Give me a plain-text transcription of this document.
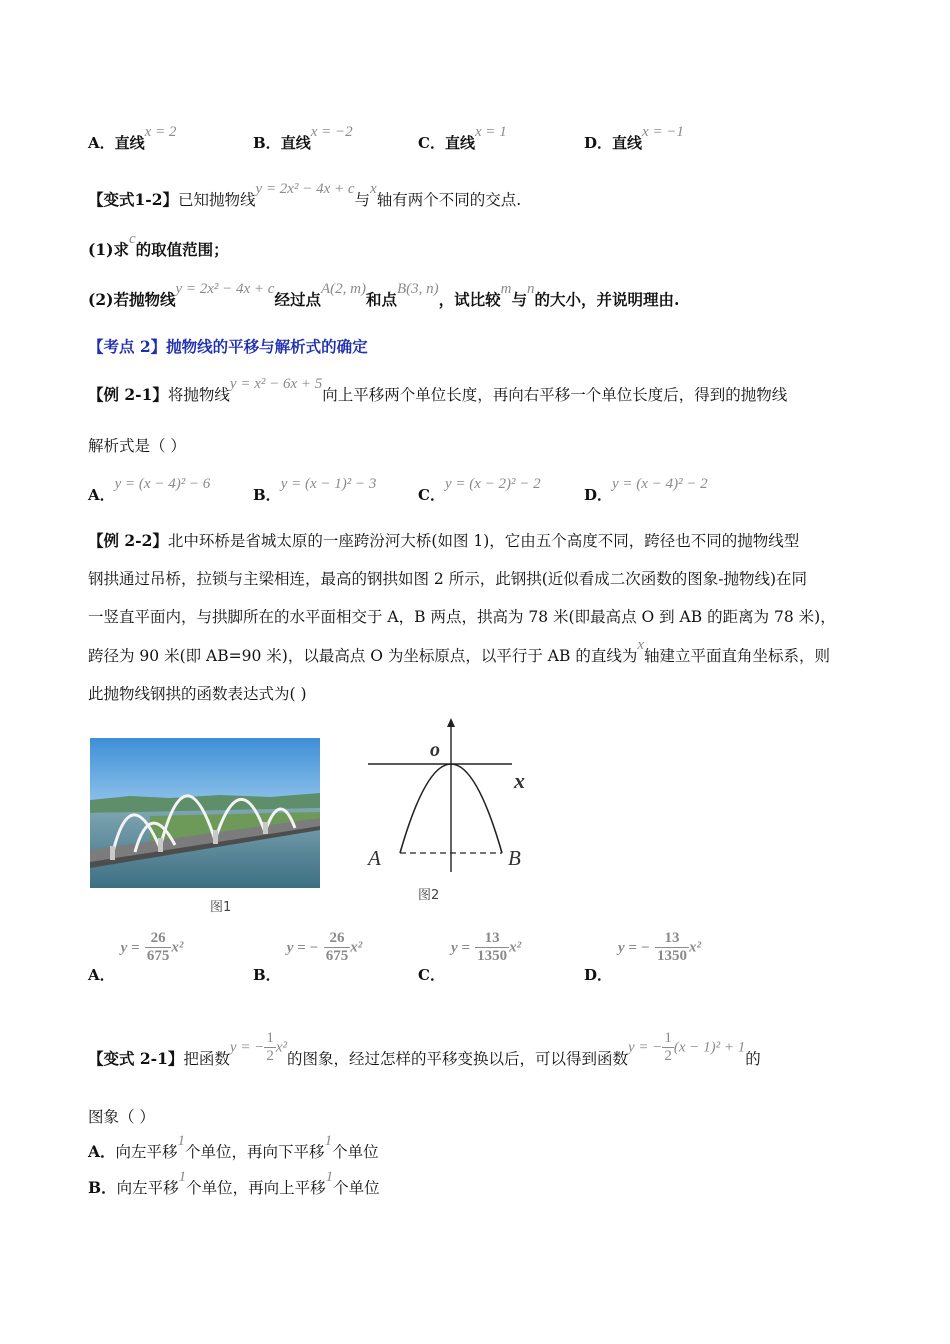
A．直线x = 2
B．直线x = −2
C．直线x = 1
D．直线x = −1
【变式1-2】已知抛物线y = 2x² − 4x + c与x轴有两个不同的交点.
(1)求c的取值范围；
(2)若抛物线y = 2x² − 4x + c经过点A(2, m)和点B(3, n)，试比较m与n的大小，并说明理由.
【考点 2】抛物线的平移与解析式的确定
【例 2-1】将抛物线y = x² − 6x + 5向上平移两个单位长度，再向右平移一个单位长度后，得到的抛物线
解析式是（ ）
A．y = (x − 4)² − 6
B．y = (x − 1)² − 3
C．y = (x − 2)² − 2
D．y = (x − 4)² − 2
【例 2-2】北中环桥是省城太原的一座跨汾河大桥(如图 1)，它由五个高度不同，跨径也不同的抛物线型
钢拱通过吊桥，拉锁与主梁相连，最高的钢拱如图 2 所示，此钢拱(近似看成二次函数的图象-抛物线)在同
一竖直平面内，与拱脚所在的水平面相交于 A，B 两点，拱高为 78 米(即最高点 O 到 AB 的距离为 78 米)，
跨径为 90 米(即 AB=90 米)，以最高点 O 为坐标原点，以平行于 AB 的直线为x轴建立平面直角坐标系，则
此抛物线钢拱的函数表达式为( )
图1
o
x
A	B
图2
A．$y = \frac{26}{675} x^2$
B．y = − $\frac{26}{675} x^2$
C．$y = \frac{13}{1350} x^2$
D．y = − $\frac{13}{1350} x^2$
【变式 2-1】把函数y = − $\frac{1}{2} x^2$的图象，经过怎样的平移变换以后，可以得到函数y = − $\frac{1}{2} (x - 1)^2 + 1$的
图象（ ）
A．向左平移1个单位，再向下平移1个单位
B．向左平移1个单位，再向上平移1个单位
